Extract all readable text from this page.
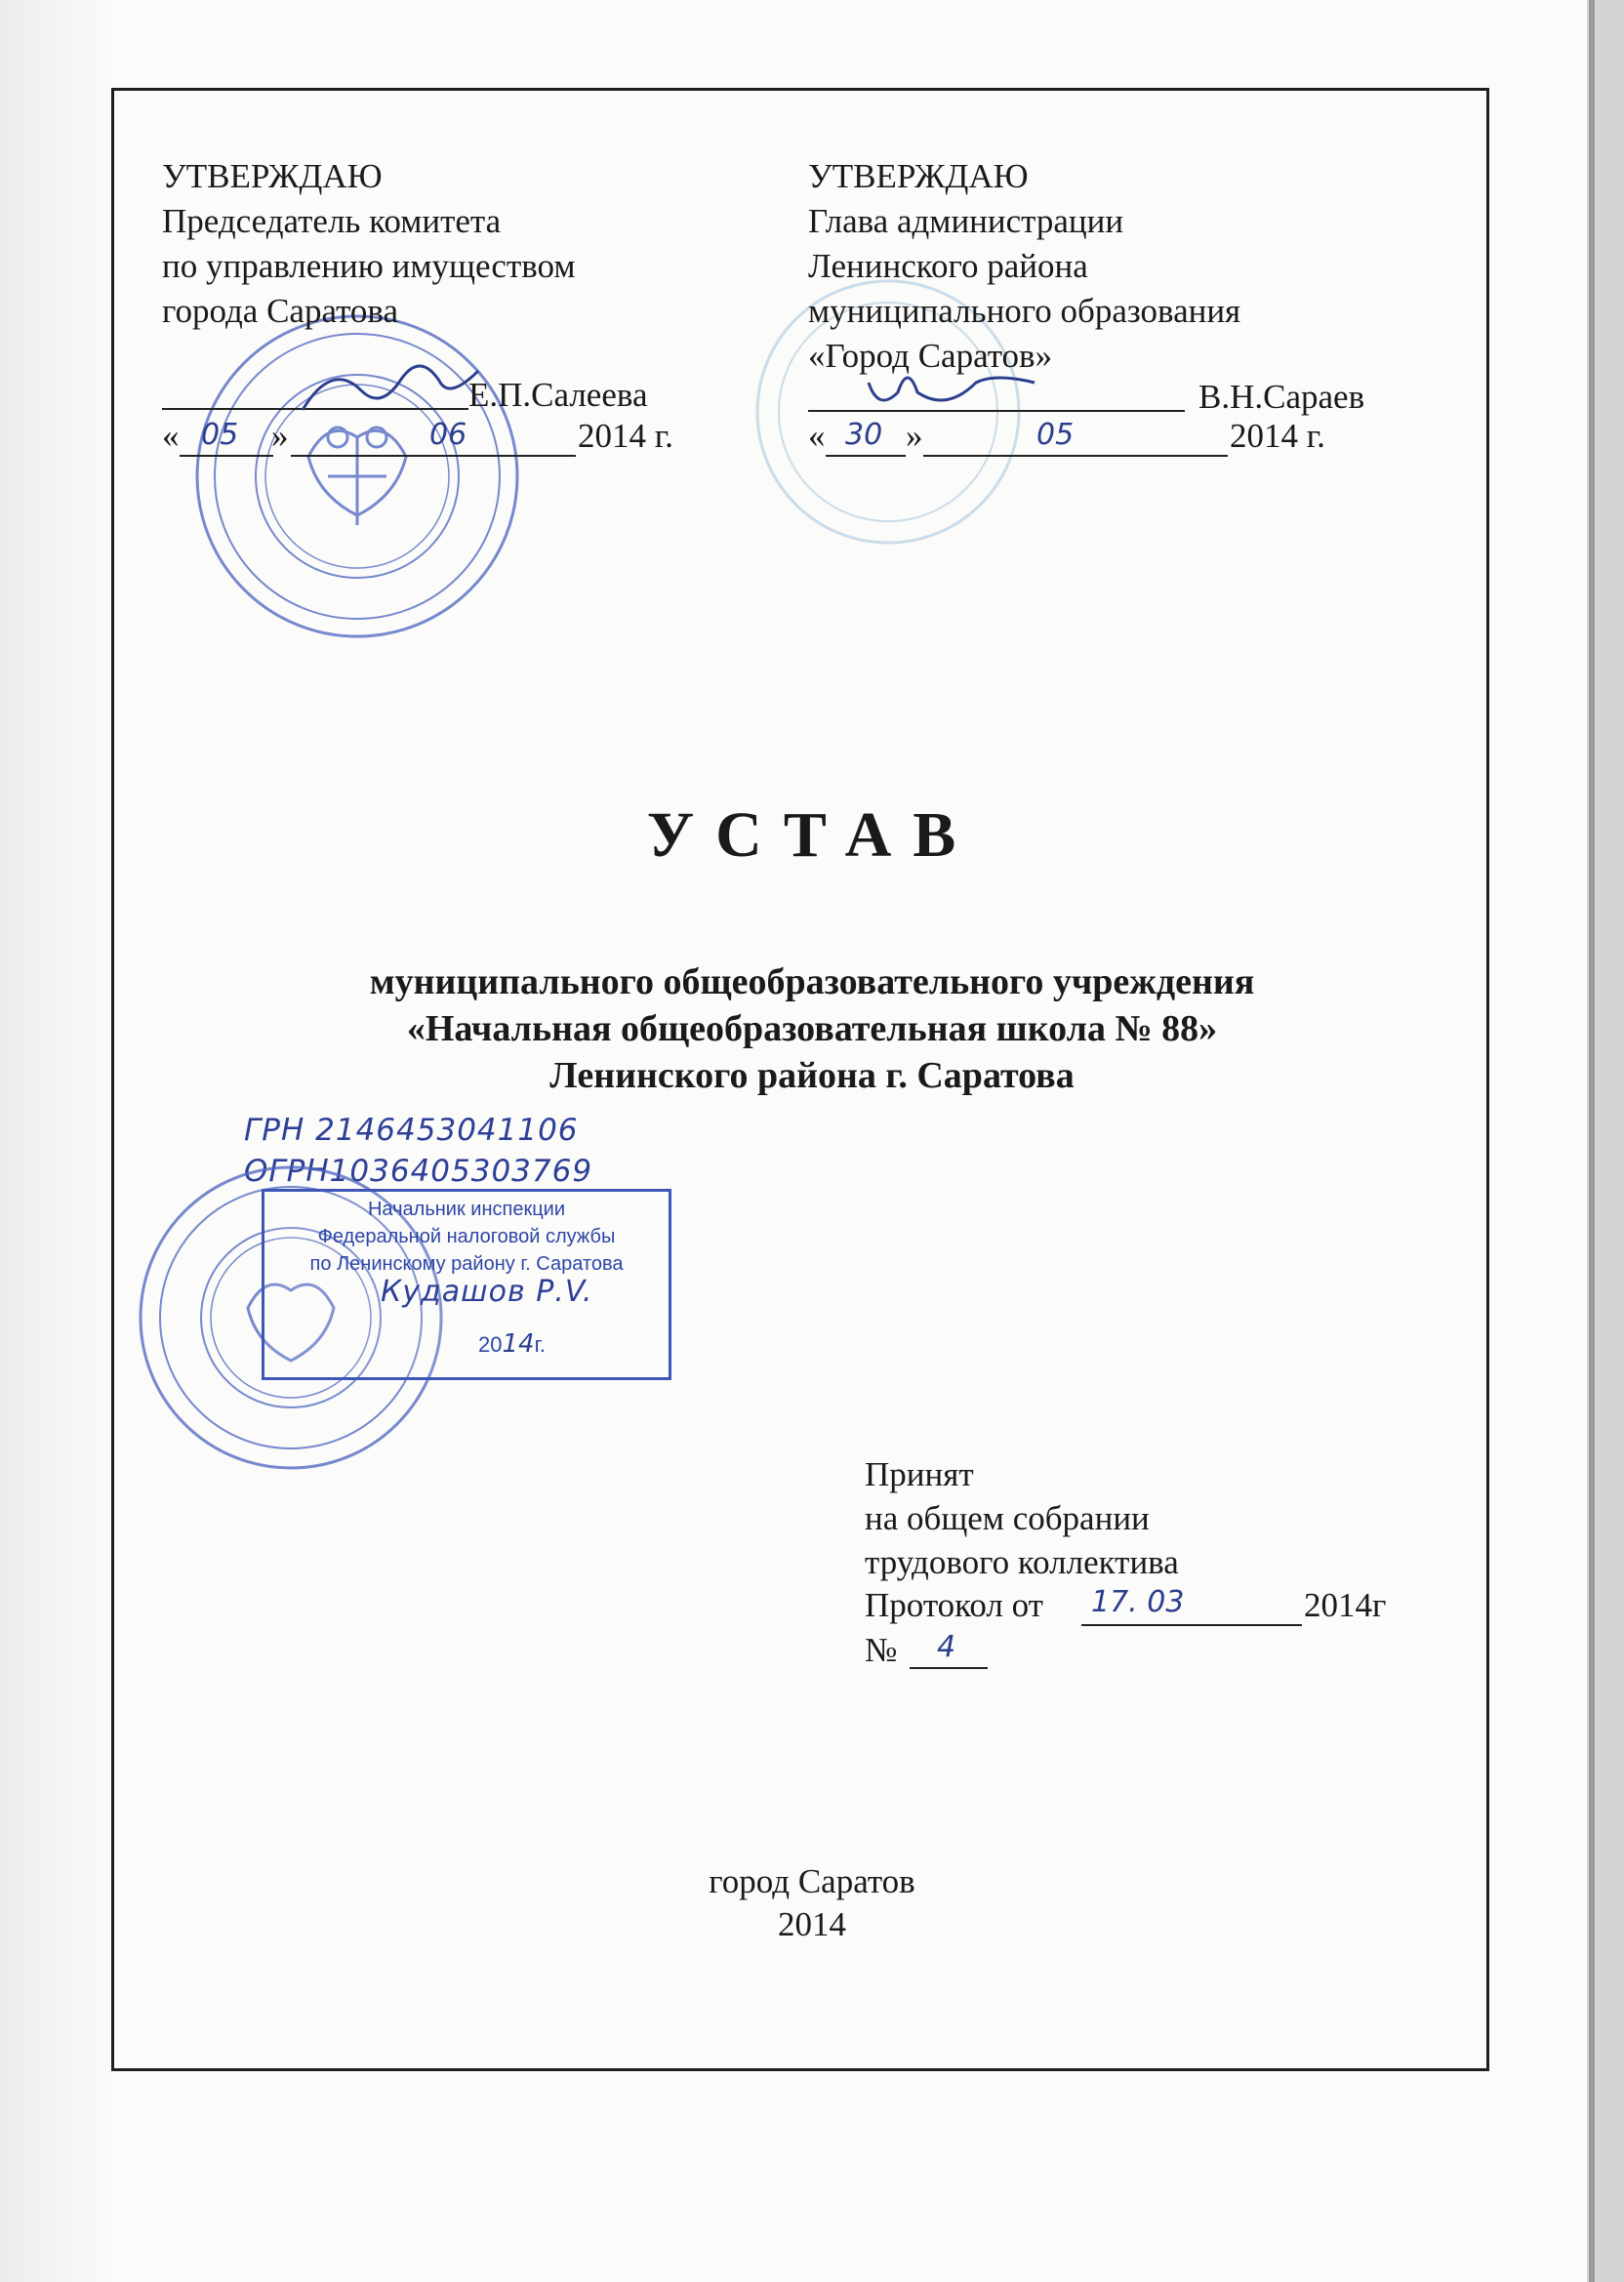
УТВЕРЖДАЮ
Председатель комитета
по управлению имуществом
города Саратова
Е.П.Салеева
« 05 »	06	2014 г.
УТВЕРЖДАЮ
Глава администрации
Ленинского района
муниципального образования
«Город Саратов»
В.Н.Сараев
« 30 »	05	2014 г.
УСТАВ
муниципального общеобразовательного учреждения
«Начальная общеобразовательная школа № 88»
Ленинского района г. Саратова
ГРН 2146453041106
ОГРН1036405303769
Начальник инспекции
Федеральной налоговой службы
по Ленинскому району г. Саратова
Кудашов Р.V.
2014г.
Принят
на общем собрании
трудового коллектива
Протокол от 17. 03	2014г
№ 4
город Саратов
2014
